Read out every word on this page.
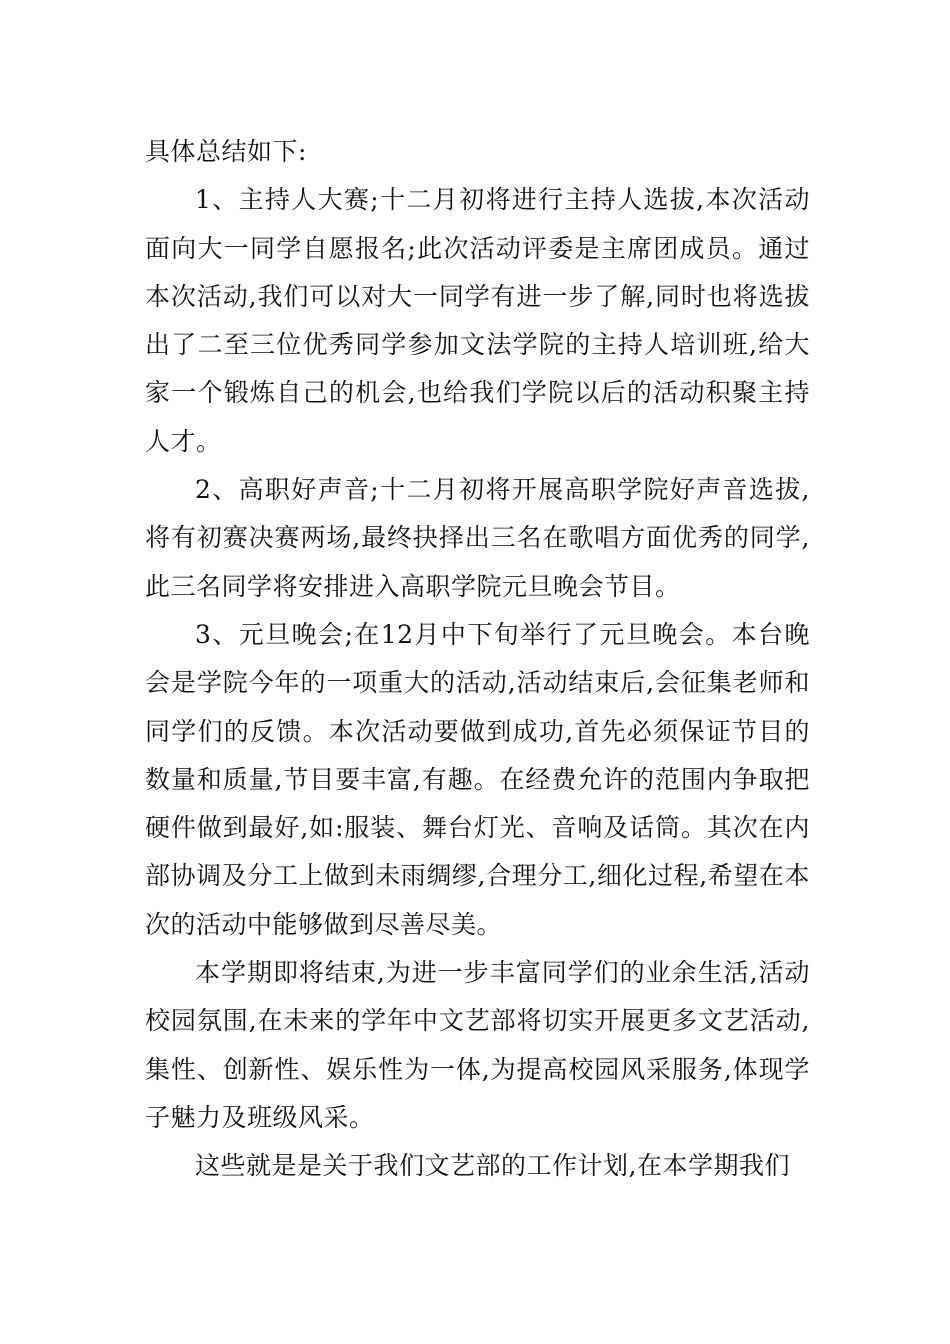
具体总结如下:

1、主持人大赛;十二月初将进行主持人选拔,本次活动面向大一同学自愿报名;此次活动评委是主席团成员。通过本次活动,我们可以对大一同学有进一步了解,同时也将选拔出了二至三位优秀同学参加文法学院的主持人培训班,给大家一个锻炼自己的机会,也给我们学院以后的活动积聚主持人才。

2、高职好声音;十二月初将开展高职学院好声音选拔,将有初赛决赛两场,最终抉择出三名在歌唱方面优秀的同学,此三名同学将安排进入高职学院元旦晚会节目。

3、元旦晚会;在12月中下旬举行了元旦晚会。本台晚会是学院今年的一项重大的活动,活动结束后,会征集老师和同学们的反馈。本次活动要做到成功,首先必须保证节目的数量和质量,节目要丰富,有趣。在经费允许的范围内争取把硬件做到最好,如:服装、舞台灯光、音响及话筒。其次在内部协调及分工上做到未雨绸缪,合理分工,细化过程,希望在本次的活动中能够做到尽善尽美。

本学期即将结束,为进一步丰富同学们的业余生活,活动校园氛围,在未来的学年中文艺部将切实开展更多文艺活动,集性、创新性、娱乐性为一体,为提高校园风采服务,体现学子魅力及班级风采。

这些就是是关于我们文艺部的工作计划,在本学期我们
